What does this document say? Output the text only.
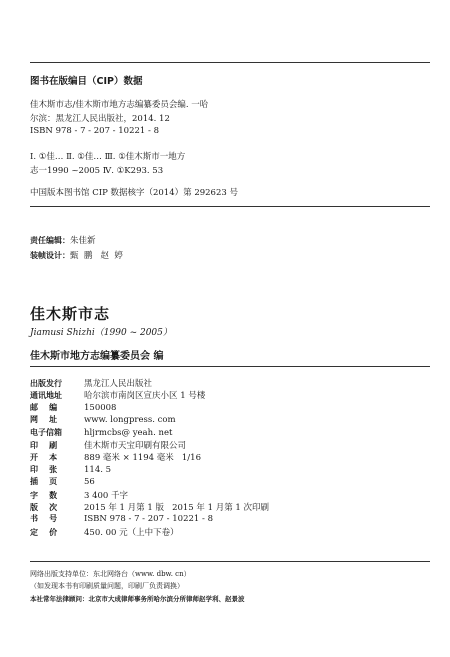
图书在版编目（CIP）数据
佳木斯市志/佳木斯市地方志编纂委员会编. 一哈
尔滨：黑龙江人民出版社，2014. 12
ISBN 978 - 7 - 207 - 10221 - 8
Ⅰ. ①佳… Ⅱ. ①佳… Ⅲ. ①佳木斯市一地方
志一1990 ~2005 Ⅳ. ①K293. 53
中国版本图书馆 CIP 数据核字（2014）第 292623 号
责任编辑：朱佳新
装帧设计：甄  鹏   赵  婷
佳木斯市志
Jiamusi Shizhi（1990 ~ 2005）
佳木斯市地方志编纂委员会 编
出版发行	黑龙江人民出版社
通讯地址	哈尔滨市南岗区宣庆小区 1 号楼
邮    编	150008
网    址	www. longpress. com
电子信箱	hljrmcbs@ yeah. net
印    刷	佳木斯市天宝印刷有限公司
开    本	889 毫米 × 1194 毫米   1/16
印    张	114. 5
插    页	56
字    数	3 400 千字
版    次	2015 年 1 月第 1 版   2015 年 1 月第 1 次印刷
书    号	ISBN 978 - 7 - 207 - 10221 - 8
定    价	450. 00 元（上中下卷）
网络出版支持单位：东北网络台（www. dbw. cn）
（如发现本书有印刷质量问题，印刷厂负责调换）
本社常年法律顾问：北京市大成律师事务所哈尔滨分所律师赵学利、赵景波
